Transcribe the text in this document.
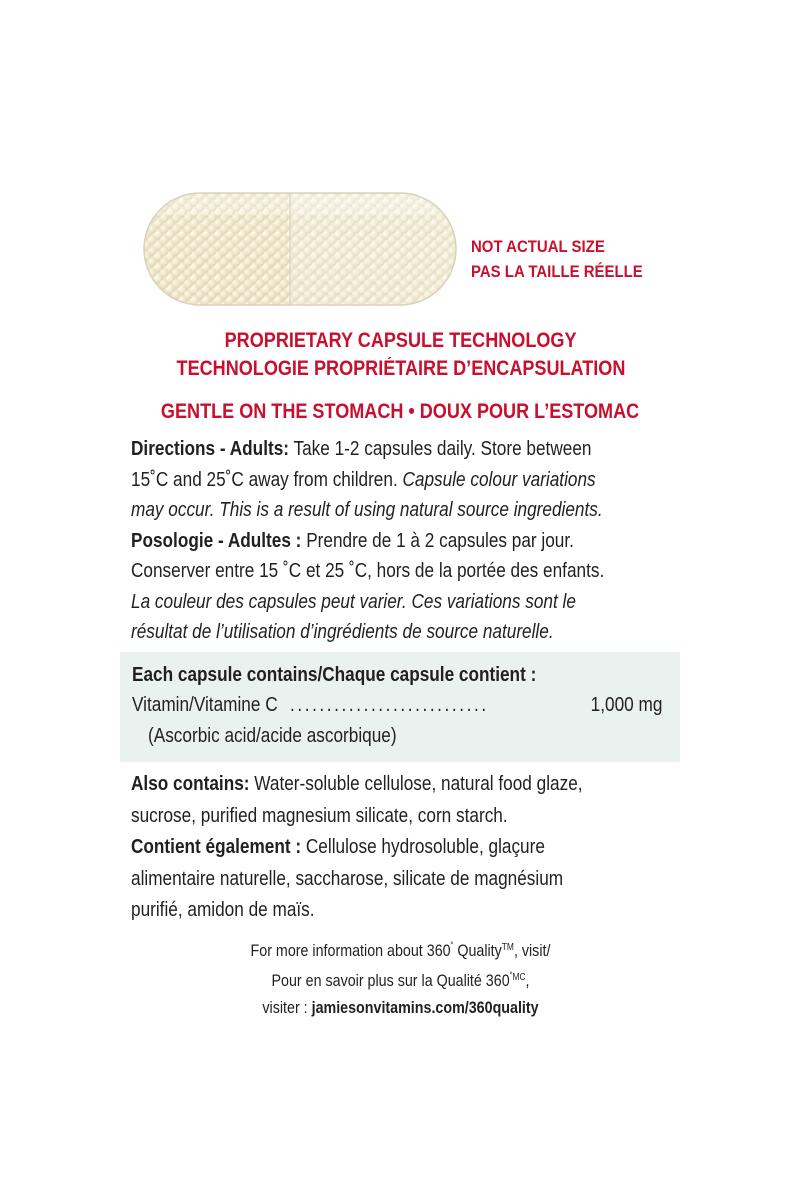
NOT ACTUAL SIZE
PAS LA TAILLE RÉELLE
PROPRIETARY CAPSULE TECHNOLOGY
TECHNOLOGIE PROPRIÉTAIRE D’ENCAPSULATION
GENTLE ON THE STOMACH • DOUX POUR L’ESTOMAC
Directions - Adults: Take 1-2 capsules daily. Store between
15˚C and 25˚C away from children. Capsule colour variations
may occur. This is a result of using natural source ingredients.
Posologie - Adultes : Prendre de 1 à 2 capsules par jour.
Conserver entre 15 ˚C et 25 ˚C, hors de la portée des enfants.
La couleur des capsules peut varier. Ces variations sont le
résultat de l’utilisation d’ingrédients de source naturelle.
Each capsule contains/Chaque capsule contient :
Vitamin/Vitamine C ...........................	1,000 mg
(Ascorbic acid/acide ascorbique)
Also contains: Water-soluble cellulose, natural food glaze,
sucrose, purified magnesium silicate, corn starch.
Contient également : Cellulose hydrosoluble, glaçure
alimentaire naturelle, saccharose, silicate de magnésium
purifié, amidon de maïs.
For more information about 360˚ Quality™, visit/
Pour en savoir plus sur la Qualité $360^{˚MC}$,
visiter : jamiesonvitamins.com/360quality
